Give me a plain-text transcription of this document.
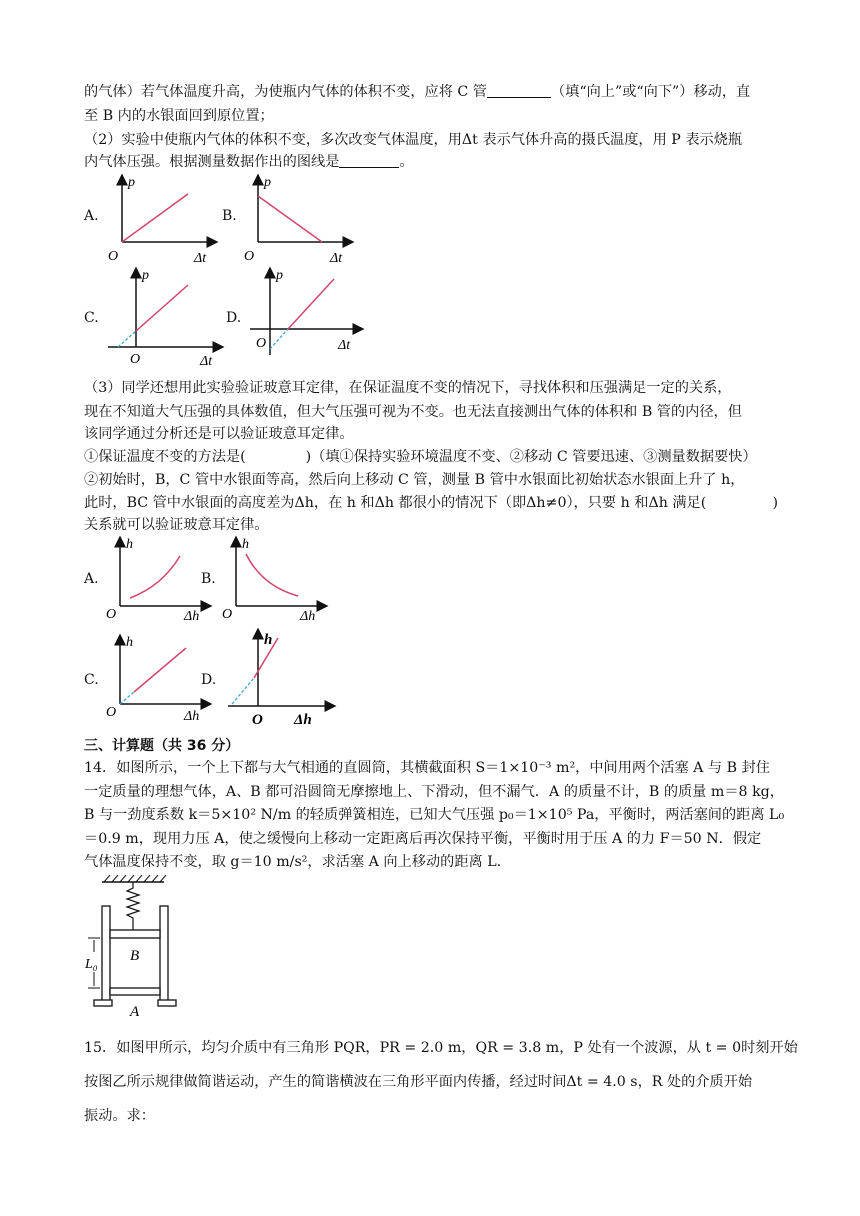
的气体）若气体温度升高，为使瓶内气体的体积不变，应将 C 管	（填“向上”或“向下”）移动，直
至 B 内的水银面回到原位置；
（2）实验中使瓶内气体的体积不变，多次改变气体温度，用Δt 表示气体升高的摄氏温度，用 P 表示烧瓶
内气体压强。根据测量数据作出的图线是	。
A.
p
O	Δt
B.
p
O	Δt
C.
p
O	Δt
D.
p
O	Δt
（3）同学还想用此实验验证玻意耳定律，在保证温度不变的情况下，寻找体积和压强满足一定的关系，
现在不知道大气压强的具体数值，但大气压强可视为不变。也无法直接测出气体的体积和 B 管的内径，但
该同学通过分析还是可以验证玻意耳定律。
①保证温度不变的方法是(	)（填①保持实验环境温度不变、②移动 C 管要迅速、③测量数据要快）
②初始时，B，C 管中水银面等高，然后向上移动 C 管，测量 B 管中水银面比初始状态水银面上升了 h，
此时，BC 管中水银面的高度差为Δh，在 h 和Δh 都很小的情况下（即Δh≠0），只要 h 和Δh 满足(	)
关系就可以验证玻意耳定律。
A.
h
O	Δh
B.
h
O	Δh
C.
h
O	Δh
D.
h
O Δh
三、计算题（共 36 分）
14．如图所示，一个上下都与大气相通的直圆筒，其横截面积 S＝1×10⁻³ m²，中间用两个活塞 A 与 B 封住
一定质量的理想气体，A、B 都可沿圆筒无摩擦地上、下滑动，但不漏气．A 的质量不计，B 的质量 m＝8 kg，
B 与一劲度系数 k＝5×10² N/m 的轻质弹簧相连，已知大气压强 p₀＝1×10⁵ Pa，平衡时，两活塞间的距离 L₀
＝0.9 m，现用力压 A，使之缓慢向上移动一定距离后再次保持平衡，平衡时用于压 A 的力 F＝50 N．假定
气体温度保持不变，取 g＝10 m/s²，求活塞 A 向上移动的距离 L.
L₀
B
A
15．如图甲所示，均匀介质中有三角形 PQR，PR = 2.0 m，QR = 3.8 m，P 处有一个波源，从 t = 0时刻开始
按图乙所示规律做简谐运动，产生的简谐横波在三角形平面内传播，经过时间Δt = 4.0 s，R 处的介质开始
振动。求：
